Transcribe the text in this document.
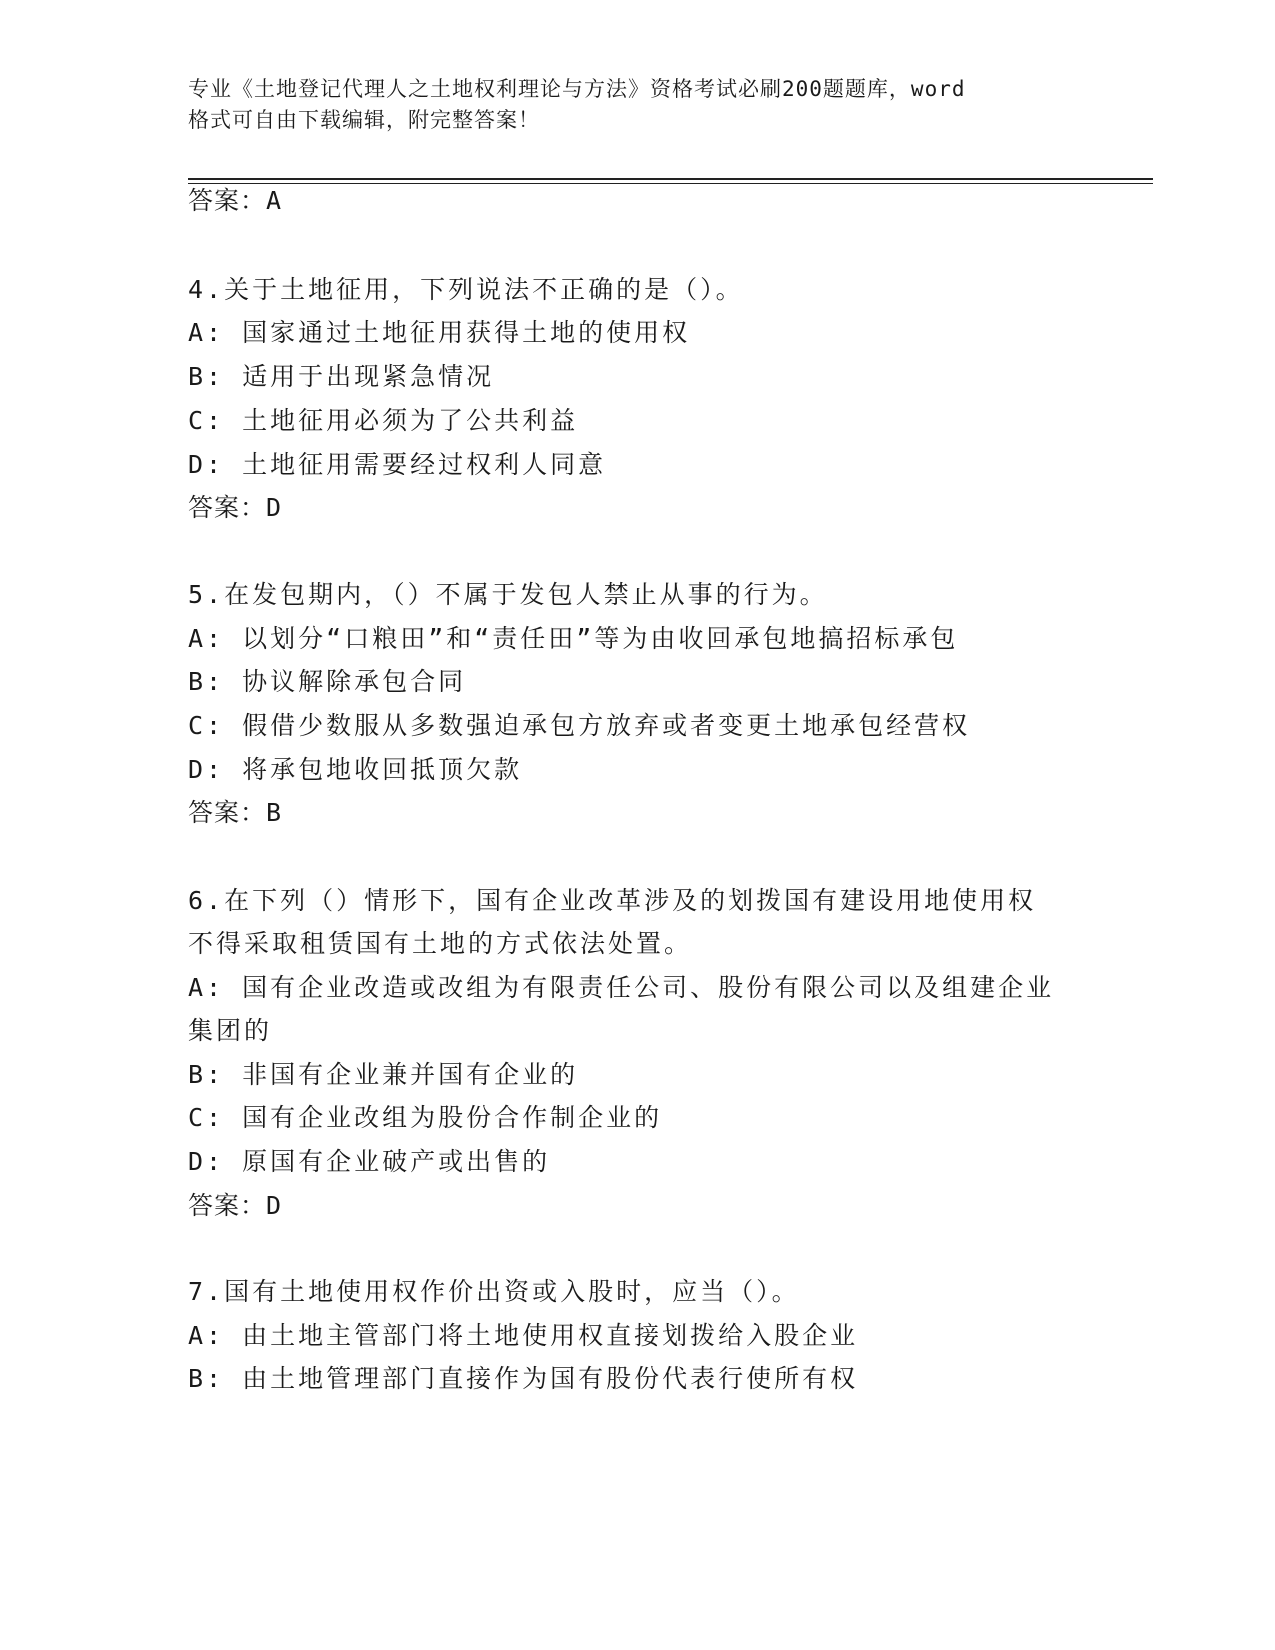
专业《土地登记代理人之土地权利理论与方法》资格考试必刷200题题库，word
格式可自由下载编辑，附完整答案！
答案：A
4.关于土地征用，下列说法不正确的是（）。
A: 国家通过土地征用获得土地的使用权
B: 适用于出现紧急情况
C: 土地征用必须为了公共利益
D: 土地征用需要经过权利人同意
答案：D
5.在发包期内，（）不属于发包人禁止从事的行为。
A: 以划分“口粮田”和“责任田”等为由收回承包地搞招标承包
B: 协议解除承包合同
C: 假借少数服从多数强迫承包方放弃或者变更土地承包经营权
D: 将承包地收回抵顶欠款
答案：B
6.在下列（）情形下，国有企业改革涉及的划拨国有建设用地使用权
不得采取租赁国有土地的方式依法处置。
A: 国有企业改造或改组为有限责任公司、股份有限公司以及组建企业
集团的
B: 非国有企业兼并国有企业的
C: 国有企业改组为股份合作制企业的
D: 原国有企业破产或出售的
答案：D
7.国有土地使用权作价出资或入股时，应当（）。
A: 由土地主管部门将土地使用权直接划拨给入股企业
B: 由土地管理部门直接作为国有股份代表行使所有权
